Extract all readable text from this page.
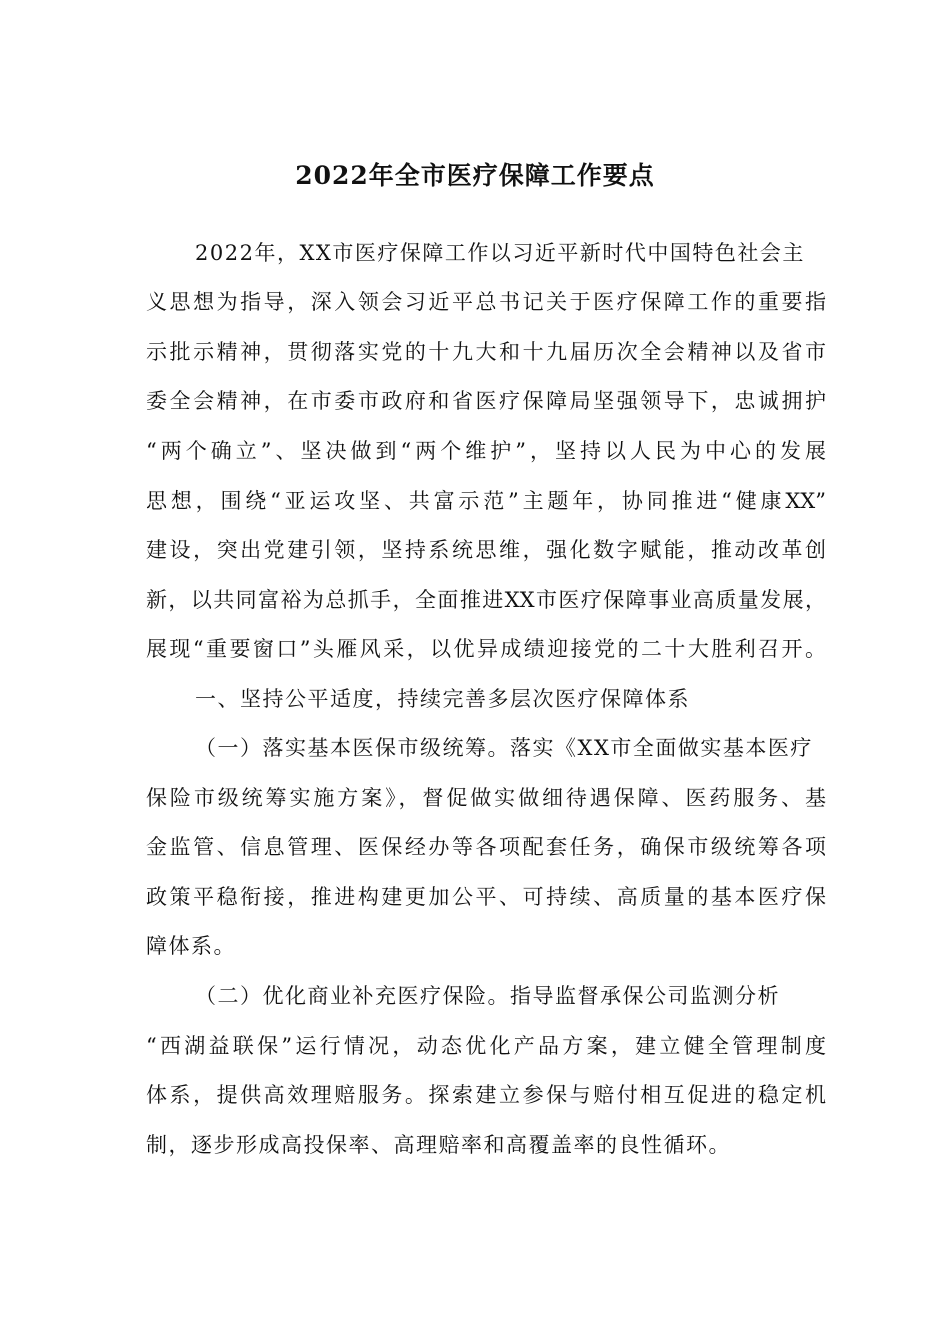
2022年全市医疗保障工作要点

2022年，XX市医疗保障工作以习近平新时代中国特色社会主

义思想为指导，深入领会习近平总书记关于医疗保障工作的重要指

示批示精神，贯彻落实党的十九大和十九届历次全会精神以及省市

委全会精神，在市委市政府和省医疗保障局坚强领导下，忠诚拥护

“两个确立”、坚决做到“两个维护”，坚持以人民为中心的发展

思想，围绕“亚运攻坚、共富示范”主题年，协同推进“健康XX”

建设，突出党建引领，坚持系统思维，强化数字赋能，推动改革创

新，以共同富裕为总抓手，全面推进XX市医疗保障事业高质量发展，

展现“重要窗口”头雁风采，以优异成绩迎接党的二十大胜利召开。

一、坚持公平适度，持续完善多层次医疗保障体系

（一）落实基本医保市级统筹。落实《XX市全面做实基本医疗

保险市级统筹实施方案》，督促做实做细待遇保障、医药服务、基

金监管、信息管理、医保经办等各项配套任务，确保市级统筹各项

政策平稳衔接，推进构建更加公平、可持续、高质量的基本医疗保

障体系。

（二）优化商业补充医疗保险。指导监督承保公司监测分析

“西湖益联保”运行情况，动态优化产品方案，建立健全管理制度

体系，提供高效理赔服务。探索建立参保与赔付相互促进的稳定机

制，逐步形成高投保率、高理赔率和高覆盖率的良性循环。
